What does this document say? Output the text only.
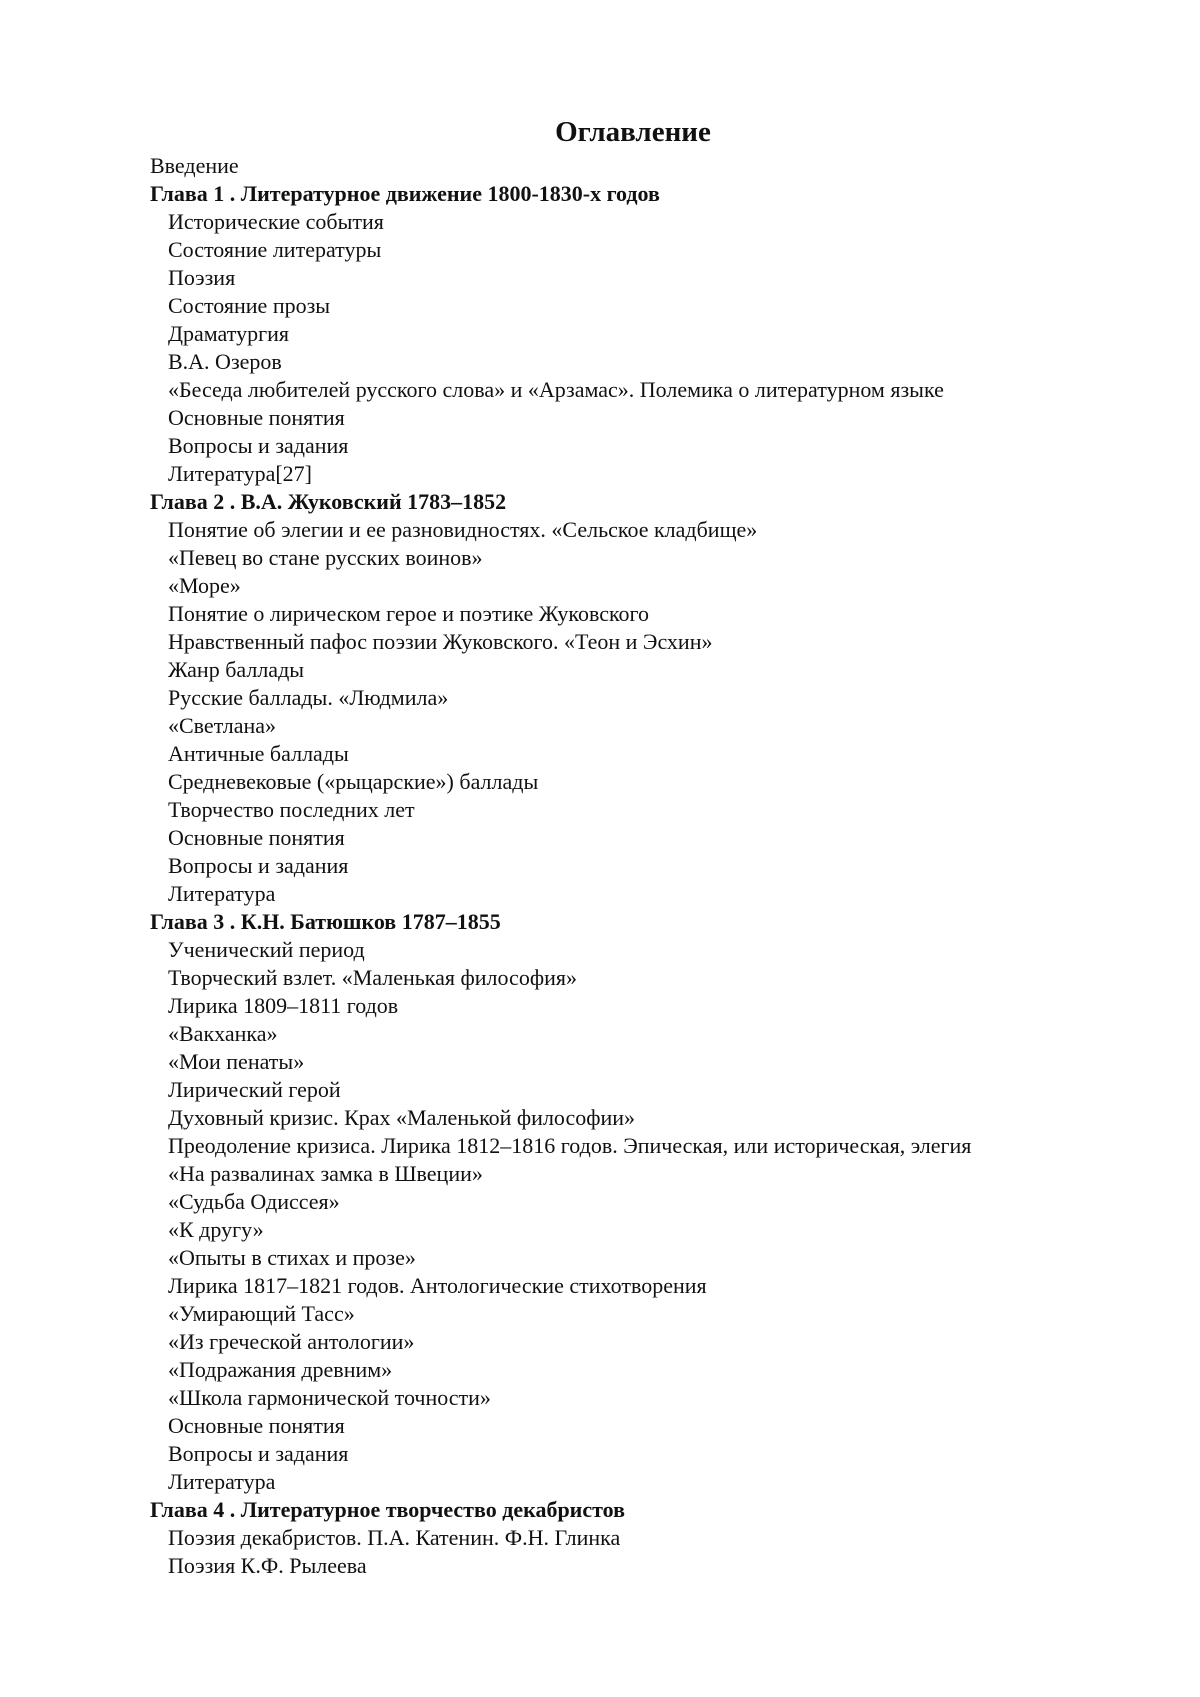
Оглавление
Введение
Глава 1 . Литературное движение 1800-1830-х годов
Исторические события
Состояние литературы
Поэзия
Состояние прозы
Драматургия
В.А. Озеров
«Беседа любителей русского слова» и «Арзамас». Полемика о литературном языке
Основные понятия
Вопросы и задания
Литература[27]
Глава 2 . В.А. Жуковский 1783–1852
Понятие об элегии и ее разновидностях. «Сельское кладбище»
«Певец во стане русских воинов»
«Море»
Понятие о лирическом герое и поэтике Жуковского
Нравственный пафос поэзии Жуковского. «Теон и Эсхин»
Жанр баллады
Русские баллады. «Людмила»
«Светлана»
Античные баллады
Средневековые («рыцарские») баллады
Творчество последних лет
Основные понятия
Вопросы и задания
Литература
Глава 3 . К.Н. Батюшков 1787–1855
Ученический период
Творческий взлет. «Маленькая философия»
Лирика 1809–1811 годов
«Вакханка»
«Мои пенаты»
Лирический герой
Духовный кризис. Крах «Маленькой философии»
Преодоление кризиса. Лирика 1812–1816 годов. Эпическая, или историческая, элегия
«На развалинах замка в Швеции»
«Судьба Одиссея»
«К другу»
«Опыты в стихах и прозе»
Лирика 1817–1821 годов. Антологические стихотворения
«Умирающий Тасс»
«Из греческой антологии»
«Подражания древним»
«Школа гармонической точности»
Основные понятия
Вопросы и задания
Литература
Глава 4 . Литературное творчество декабристов
Поэзия декабристов. П.А. Катенин. Ф.Н. Глинка
Поэзия К.Ф. Рылеева
